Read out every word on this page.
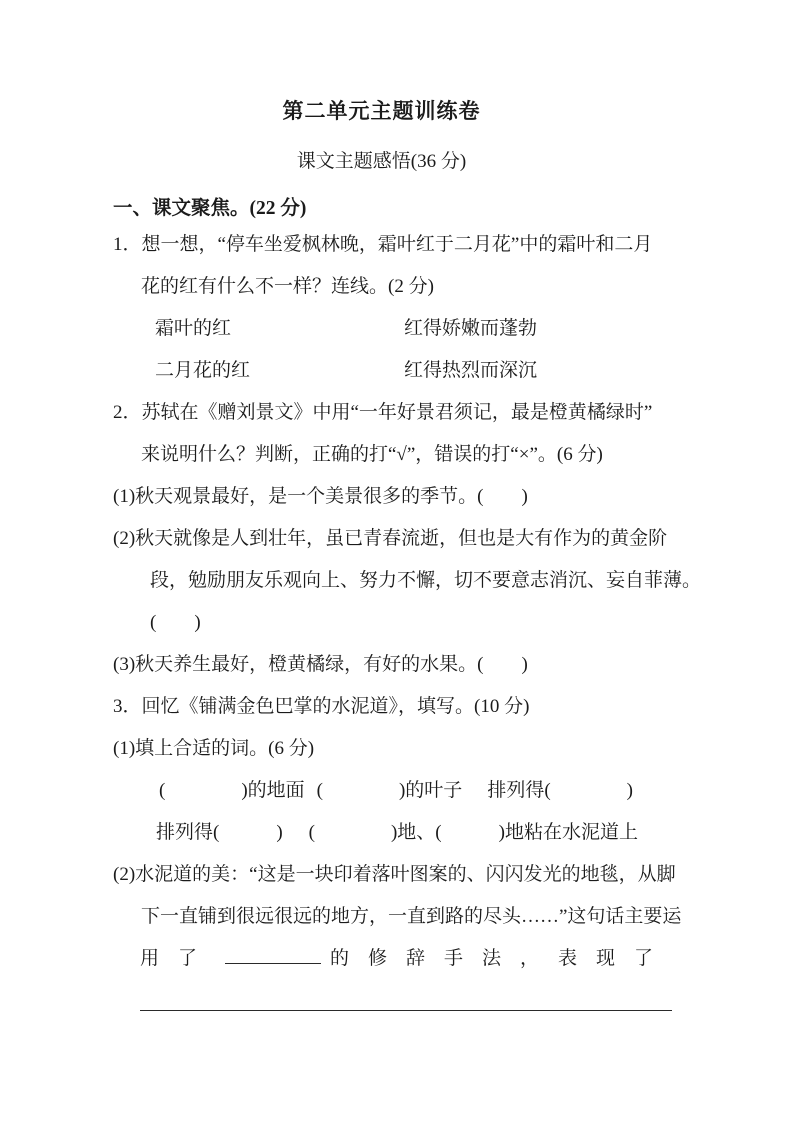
第二单元主题训练卷
课文主题感悟(36 分)
一、课文聚焦。(22 分)
1．想一想，“停车坐爱枫林晚，霜叶红于二月花”中的霜叶和二月
花的红有什么不一样？连线。(2 分)
霜叶的红	红得娇嫩而蓬勃
二月花的红	红得热烈而深沉
2．苏轼在《赠刘景文》中用“一年好景君须记，最是橙黄橘绿时”
来说明什么？判断，正确的打“√”，错误的打“×”。(6 分)
(1)秋天观景最好，是一个美景很多的季节。(　　)
(2)秋天就像是人到壮年，虽已青春流逝，但也是大有作为的黄金阶
段，勉励朋友乐观向上、努力不懈，切不要意志消沉、妄自菲薄。
(　　)
(3)秋天养生最好，橙黄橘绿，有好的水果。(　　)
3．回忆《铺满金色巴掌的水泥道》，填写。(10 分)
(1)填上合适的词。(6 分)
(　　　　)的地面 (　　　　)的叶子 排列得(　　　　)
排列得(　　　) (　　　　)地、(　　　)地粘在水泥道上
(2)水泥道的美：“这是一块印着落叶图案的、闪闪发光的地毯，从脚
下一直铺到很远很远的地方，一直到路的尽头……”这句话主要运
用了	的修辞手法，表现了
